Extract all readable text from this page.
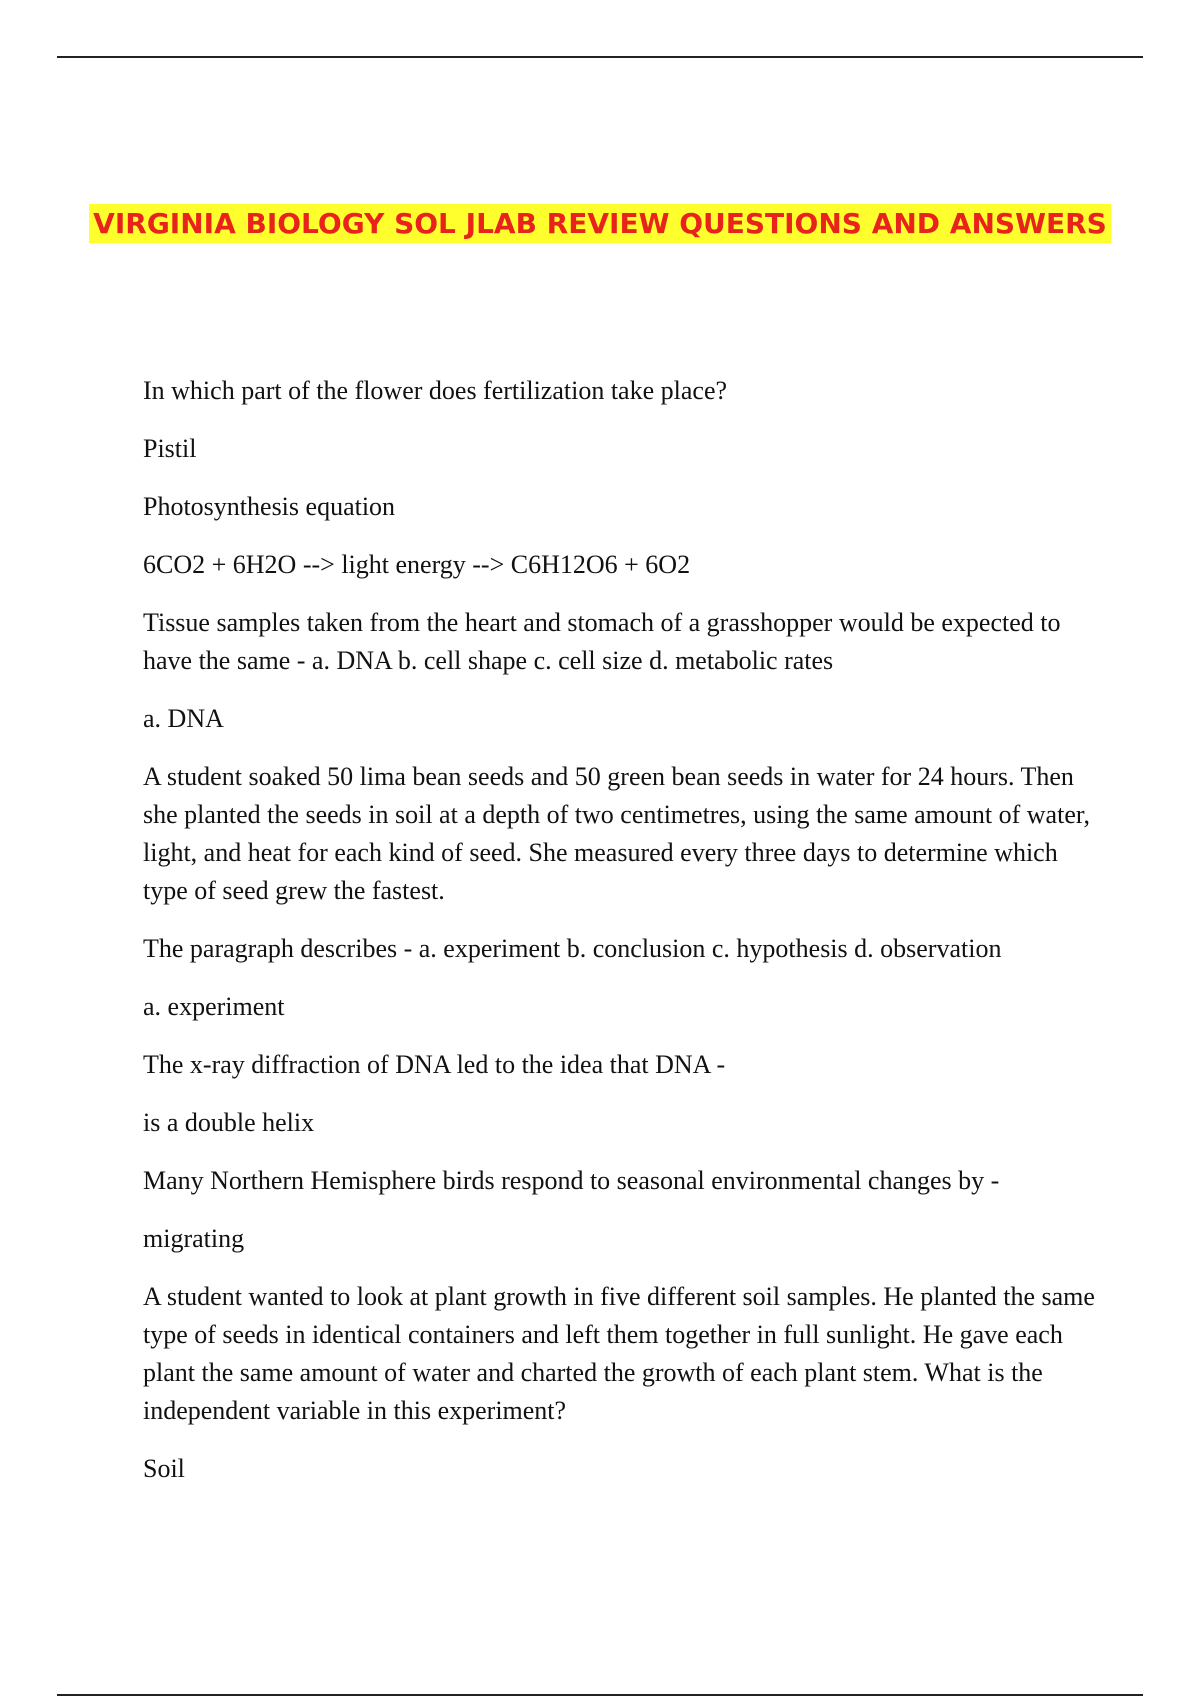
VIRGINIA BIOLOGY SOL JLAB REVIEW QUESTIONS AND ANSWERS

In which part of the flower does fertilization take place?

Pistil

Photosynthesis equation

6CO2 + 6H2O --> light energy --> C6H12O6 + 6O2

Tissue samples taken from the heart and stomach of a grasshopper would be expected to have the same - a. DNA b. cell shape c. cell size d. metabolic rates

a. DNA

A student soaked 50 lima bean seeds and 50 green bean seeds in water for 24 hours. Then she planted the seeds in soil at a depth of two centimetres, using the same amount of water, light, and heat for each kind of seed. She measured every three days to determine which type of seed grew the fastest.

The paragraph describes - a. experiment b. conclusion c. hypothesis d. observation

a. experiment

The x-ray diffraction of DNA led to the idea that DNA -

is a double helix

Many Northern Hemisphere birds respond to seasonal environmental changes by -

migrating

A student wanted to look at plant growth in five different soil samples. He planted the same type of seeds in identical containers and left them together in full sunlight. He gave each plant the same amount of water and charted the growth of each plant stem. What is the independent variable in this experiment?

Soil
